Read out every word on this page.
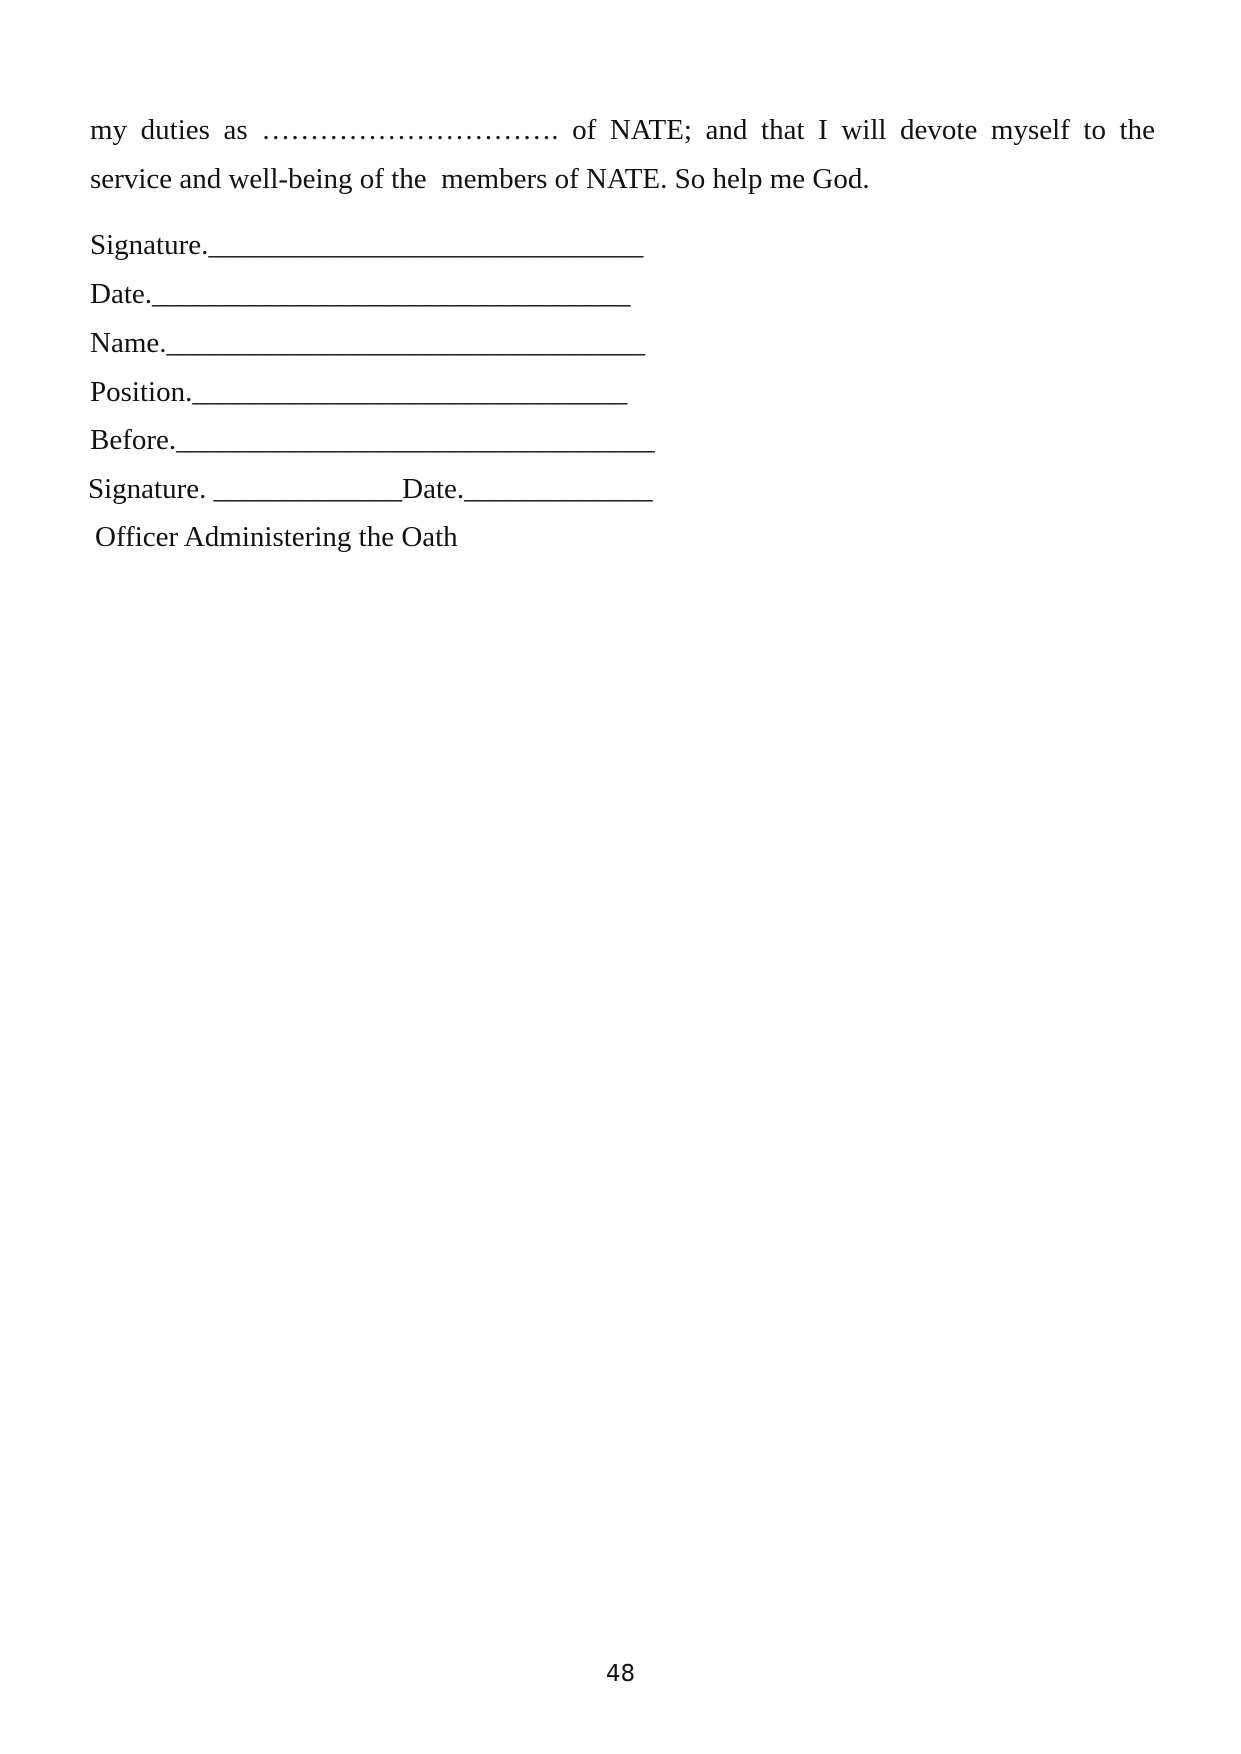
my duties as …………………………. of NATE; and that I will devote myself to the
service and well-being of the  members of NATE. So help me God.

Signature.______________________________

Date._________________________________

Name._________________________________

Position.______________________________

Before._________________________________

Signature. _____________Date._____________

Officer Administering the Oath

48
